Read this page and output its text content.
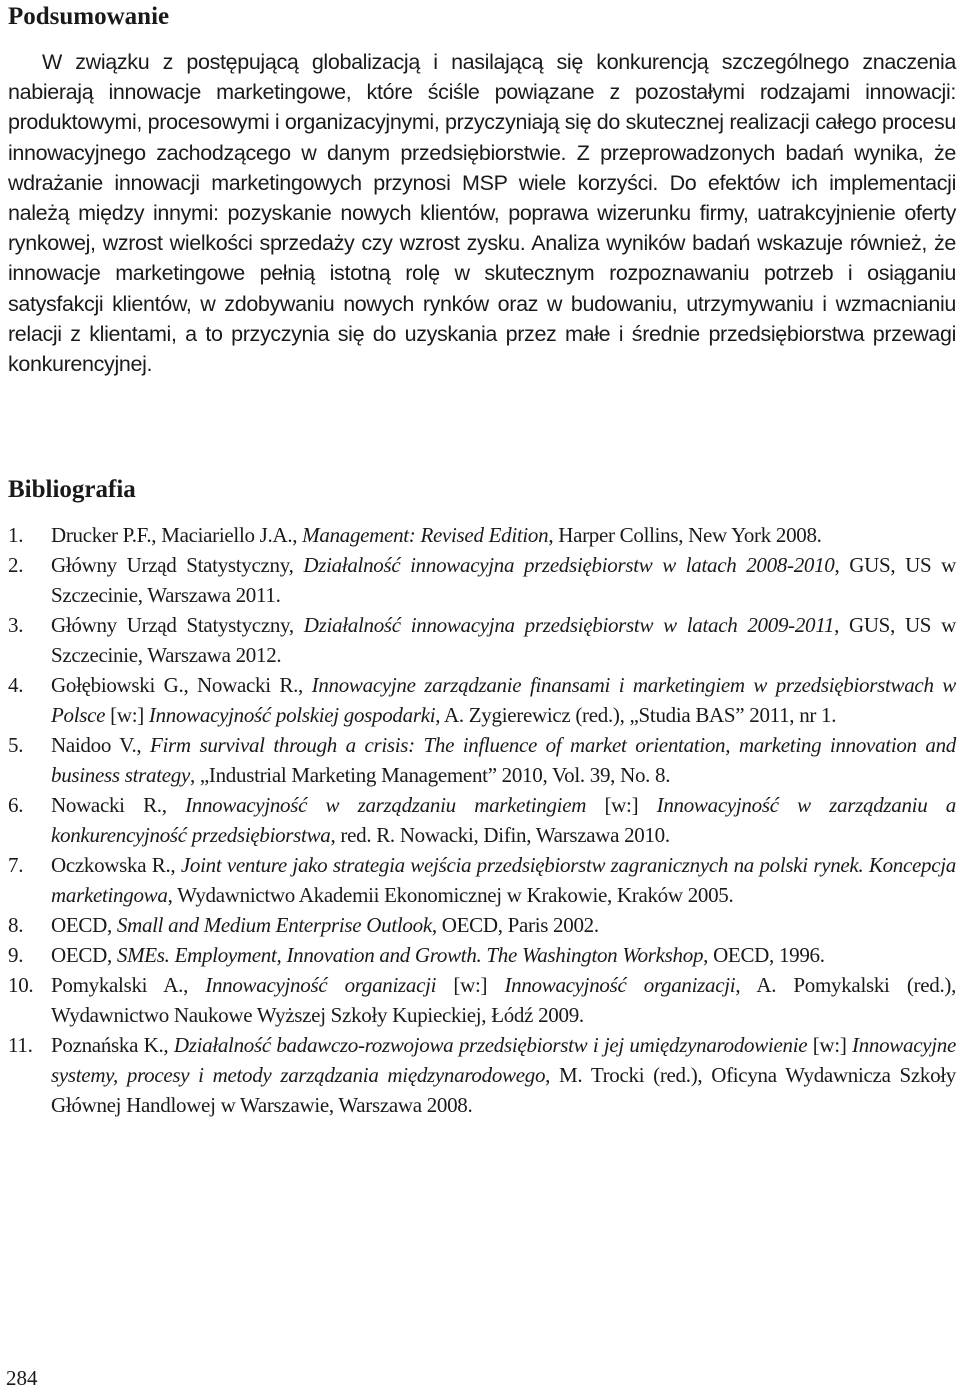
Podsumowanie

W związku z postępującą globalizacją i nasilającą się konkurencją szczególnego znaczenia nabierają innowacje marketingowe, które ściśle powiązane z pozostałymi rodzajami innowacji: produktowymi, procesowymi i organizacyjnymi, przyczyniają się do skutecznej realizacji całego procesu innowacyjnego zachodzącego w danym przedsiębiorstwie. Z przeprowadzonych badań wynika, że wdrażanie innowacji marketingowych przynosi MSP wiele korzyści. Do efektów ich implementacji należą między innymi: pozyskanie nowych klientów, poprawa wizerunku firmy, uatrakcyjnienie oferty rynkowej, wzrost wielkości sprzedaży czy wzrost zysku. Analiza wyników badań wskazuje również, że innowacje marketingowe pełnią istotną rolę w skutecznym rozpoznawaniu potrzeb i osiąganiu satysfakcji klientów, w zdobywaniu nowych rynków oraz w budowaniu, utrzymywaniu i wzmacnianiu relacji z klientami, a to przyczynia się do uzyskania przez małe i średnie przedsiębiorstwa przewagi konkurencyjnej.

Bibliografia
1. Drucker P.F., Maciariello J.A., Management: Revised Edition, Harper Collins, New York 2008.
2. Główny Urząd Statystyczny, Działalność innowacyjna przedsiębiorstw w latach 2008-2010, GUS, US w Szczecinie, Warszawa 2011.
3. Główny Urząd Statystyczny, Działalność innowacyjna przedsiębiorstw w latach 2009-2011, GUS, US w Szczecinie, Warszawa 2012.
4. Gołębiowski G., Nowacki R., Innowacyjne zarządzanie finansami i marketingiem w przedsiębiorstwach w Polsce [w:] Innowacyjność polskiej gospodarki, A. Zygierewicz (red.), „Studia BAS” 2011, nr 1.
5. Naidoo V., Firm survival through a crisis: The influence of market orientation, marketing innovation and business strategy, „Industrial Marketing Management” 2010, Vol. 39, No. 8.
6. Nowacki R., Innowacyjność w zarządzaniu marketingiem [w:] Innowacyjność w zarządzaniu a konkurencyjność przedsiębiorstwa, red. R. Nowacki, Difin, Warszawa 2010.
7. Oczkowska R., Joint venture jako strategia wejścia przedsiębiorstw zagranicznych na polski rynek. Koncepcja marketingowa, Wydawnictwo Akademii Ekonomicznej w Krakowie, Kraków 2005.
8. OECD, Small and Medium Enterprise Outlook, OECD, Paris 2002.
9. OECD, SMEs. Employment, Innovation and Growth. The Washington Workshop, OECD, 1996.
10. Pomykalski A., Innowacyjność organizacji [w:] Innowacyjność organizacji, A. Pomykalski (red.), Wydawnictwo Naukowe Wyższej Szkoły Kupieckiej, Łódź 2009.
11. Poznańska K., Działalność badawczo-rozwojowa przedsiębiorstw i jej umiędzynarodowienie [w:] Innowacyjne systemy, procesy i metody zarządzania międzynarodowego, M. Trocki (red.), Oficyna Wydawnicza Szkoły Głównej Handlowej w Warszawie, Warszawa 2008.
284
